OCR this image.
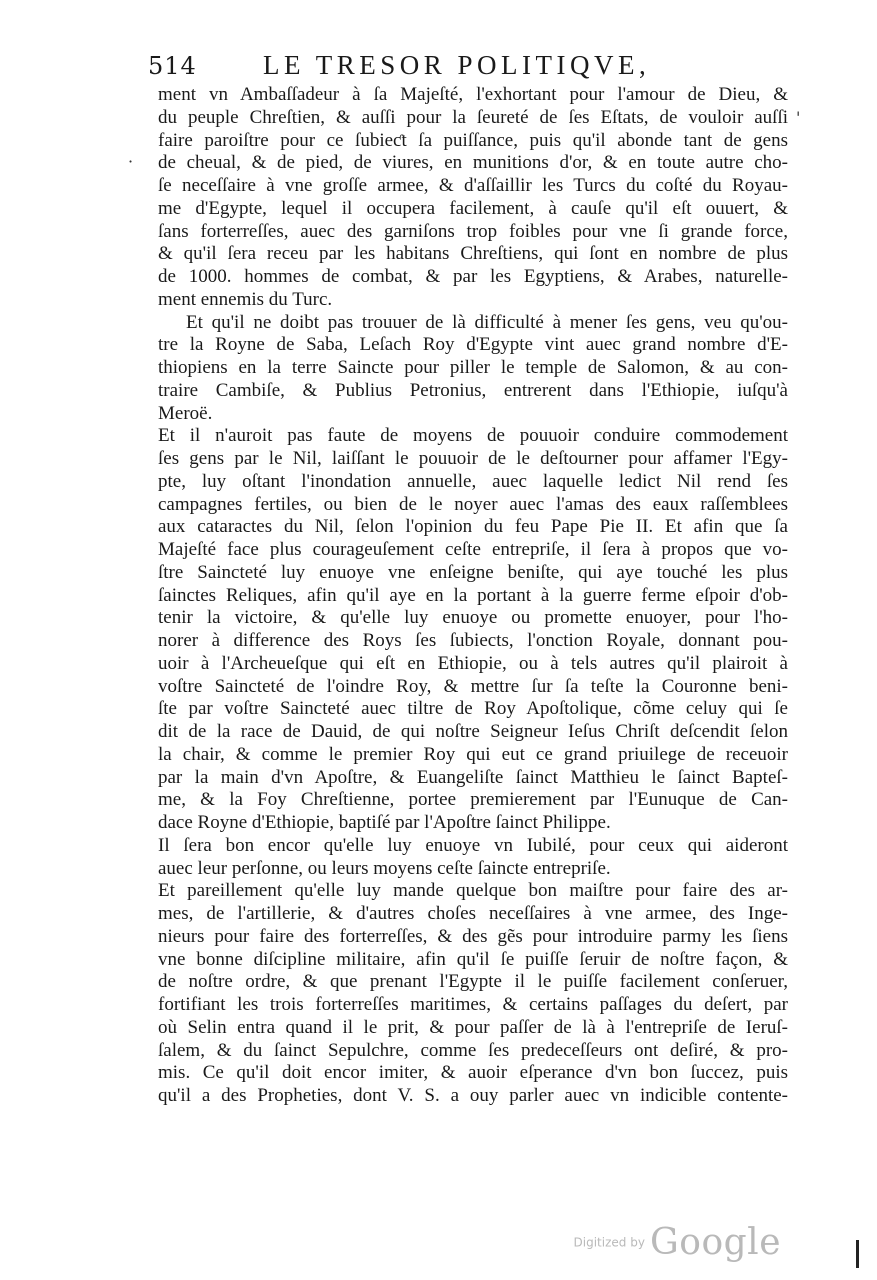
514 LE TRESOR POLITIQVE,
·
'
ment vn Ambaſſadeur à ſa Majeſté, l'exhortant pour l'amour de Dieu, &
du peuple Chreſtien, & auſſi pour la ſeureté de ſes Eſtats, de vouloir auſſi
faire paroiſtre pour ce ſubieƈt ſa puiſſance, puis qu'il abonde tant de gens
de cheual, & de pied, de viures, en munitions d'or, & en toute autre cho-
ſe neceſſaire à vne groſſe armee, & d'aſſaillir les Turcs du coſté du Royau-
me d'Egypte, lequel il occupera facilement, à cauſe qu'il eſt ouuert, &
ſans forterreſſes, auec des garniſons trop foibles pour vne ſi grande force,
& qu'il ſera receu par les habitans Chreſtiens, qui ſont en nombre de plus
de 1000. hommes de combat, & par les Egyptiens, & Arabes, naturelle-
ment ennemis du Turc.
Et qu'il ne doibt pas trouuer de là difficulté à mener ſes gens, veu qu'ou-
tre la Royne de Saba, Leſach Roy d'Egypte vint auec grand nombre d'E-
thiopiens en la terre Saincte pour piller le temple de Salomon, & au con-
traire Cambiſe, & Publius Petronius, entrerent dans l'Ethiopie, iuſqu'à
Meroë.
Et il n'auroit pas faute de moyens de pouuoir conduire commodement
ſes gens par le Nil, laiſſant le pouuoir de le deſtourner pour affamer l'Egy-
pte, luy oſtant l'inondation annuelle, auec laquelle ledict Nil rend ſes
campagnes fertiles, ou bien de le noyer auec l'amas des eaux raſſemblees
aux cataractes du Nil, ſelon l'opinion du feu Pape Pie II. Et afin que ſa
Majeſté face plus courageuſement ceſte entrepriſe, il ſera à propos que vo-
ſtre Saincteté luy enuoye vne enſeigne beniſte, qui aye touché les plus
ſainctes Reliques, afin qu'il aye en la portant à la guerre ferme eſpoir d'ob-
tenir la victoire, & qu'elle luy enuoye ou promette enuoyer, pour l'ho-
norer à difference des Roys ſes ſubiects, l'onction Royale, donnant pou-
uoir à l'Archeueſque qui eſt en Ethiopie, ou à tels autres qu'il plairoit à
voſtre Saincteté de l'oindre Roy, & mettre ſur ſa teſte la Couronne beni-
ſte par voſtre Saincteté auec tiltre de Roy Apoſtolique, cõme celuy qui ſe
dit de la race de Dauid, de qui noſtre Seigneur Ieſus Chriſt deſcendit ſelon
la chair, & comme le premier Roy qui eut ce grand priuilege de receuoir
par la main d'vn Apoſtre, & Euangeliſte ſainct Matthieu le ſainct Bapteſ-
me, & la Foy Chreſtienne, portee premierement par l'Eunuque de Can-
dace Royne d'Ethiopie, baptiſé par l'Apoſtre ſainct Philippe.
Il ſera bon encor qu'elle luy enuoye vn Iubilé, pour ceux qui aideront
auec leur perſonne, ou leurs moyens ceſte ſaincte entrepriſe.
Et pareillement qu'elle luy mande quelque bon maiſtre pour faire des ar-
mes, de l'artillerie, & d'autres choſes neceſſaires à vne armee, des Inge-
nieurs pour faire des forterreſſes, & des gẽs pour introduire parmy les ſiens
vne bonne diſcipline militaire, afin qu'il ſe puiſſe ſeruir de noſtre façon, &
de noſtre ordre, & que prenant l'Egypte il le puiſſe facilement conſeruer,
fortifiant les trois forterreſſes maritimes, & certains paſſages du deſert, par
où Selin entra quand il le prit, & pour paſſer de là à l'entrepriſe de Ieruſ-
ſalem, & du ſainct Sepulchre, comme ſes predeceſſeurs ont deſiré, & pro-
mis. Ce qu'il doit encor imiter, & auoir eſperance d'vn bon ſuccez, puis
qu'il a des Propheties, dont V. S. a ouy parler auec vn indicible contente-
Digitized by Google
